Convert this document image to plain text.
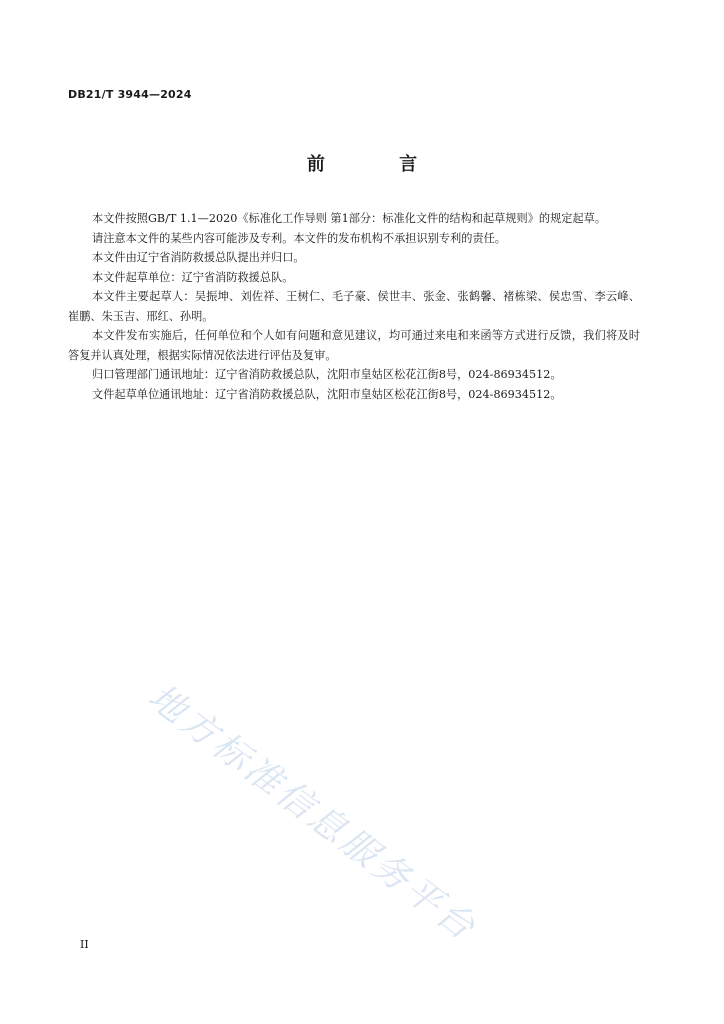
DB21/T 3944—2024
前 言

本文件按照GB/T 1.1—2020《标准化工作导则 第1部分：标准化文件的结构和起草规则》的规定起草。

请注意本文件的某些内容可能涉及专利。本文件的发布机构不承担识别专利的责任。

本文件由辽宁省消防救援总队提出并归口。

本文件起草单位：辽宁省消防救援总队。

本文件主要起草人：吴振坤、刘佐祥、王树仁、毛子豪、侯世丰、张金、张鹤馨、褚栋梁、侯忠雪、李云峰、崔鹏、朱玉吉、邢红、孙明。

本文件发布实施后，任何单位和个人如有问题和意见建议，均可通过来电和来函等方式进行反馈，我们将及时答复并认真处理，根据实际情况依法进行评估及复审。

归口管理部门通讯地址：辽宁省消防救援总队，沈阳市皇姑区松花江街8号，024-86934512。

文件起草单位通讯地址：辽宁省消防救援总队，沈阳市皇姑区松花江街8号，024-86934512。

地方标准信息服务平台
II
